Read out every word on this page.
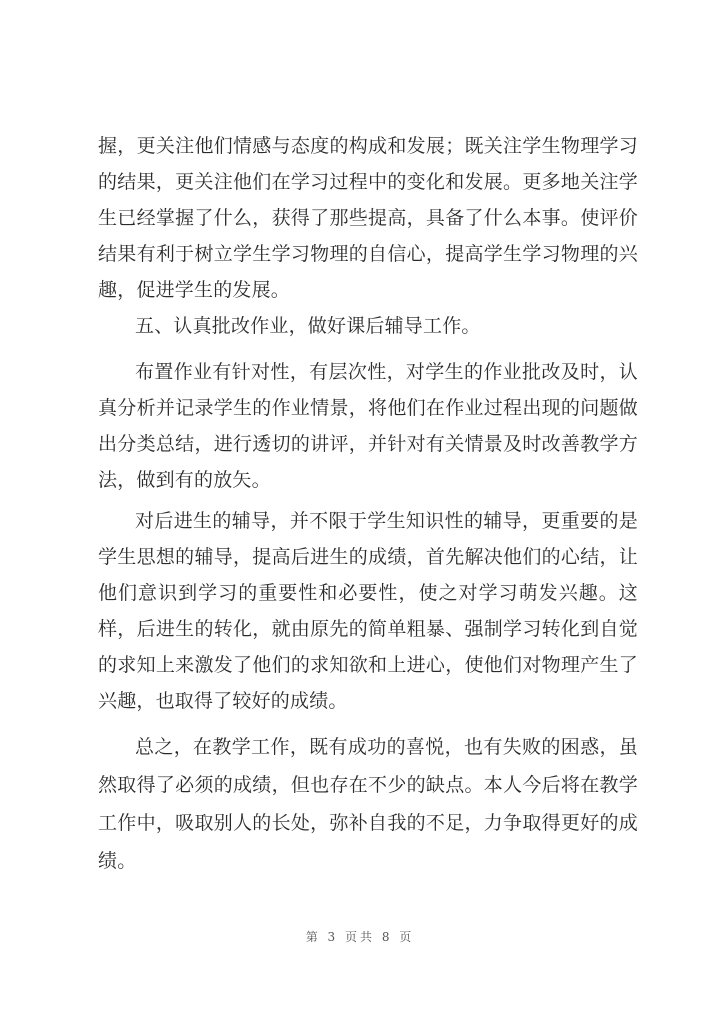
握，更关注他们情感与态度的构成和发展；既关注学生物理学习
的结果，更关注他们在学习过程中的变化和发展。更多地关注学
生已经掌握了什么，获得了那些提高，具备了什么本事。使评价
结果有利于树立学生学习物理的自信心，提高学生学习物理的兴
趣，促进学生的发展。
五、认真批改作业，做好课后辅导工作。
布置作业有针对性，有层次性，对学生的作业批改及时，认
真分析并记录学生的作业情景，将他们在作业过程出现的问题做
出分类总结，进行透切的讲评，并针对有关情景及时改善教学方
法，做到有的放矢。
对后进生的辅导，并不限于学生知识性的辅导，更重要的是
学生思想的辅导，提高后进生的成绩，首先解决他们的心结，让
他们意识到学习的重要性和必要性，使之对学习萌发兴趣。这
样，后进生的转化，就由原先的简单粗暴、强制学习转化到自觉
的求知上来激发了他们的求知欲和上进心，使他们对物理产生了
兴趣，也取得了较好的成绩。
总之，在教学工作，既有成功的喜悦，也有失败的困惑，虽
然取得了必须的成绩，但也存在不少的缺点。本人今后将在教学
工作中，吸取别人的长处，弥补自我的不足，力争取得更好的成
绩。
第 3 页共 8 页
